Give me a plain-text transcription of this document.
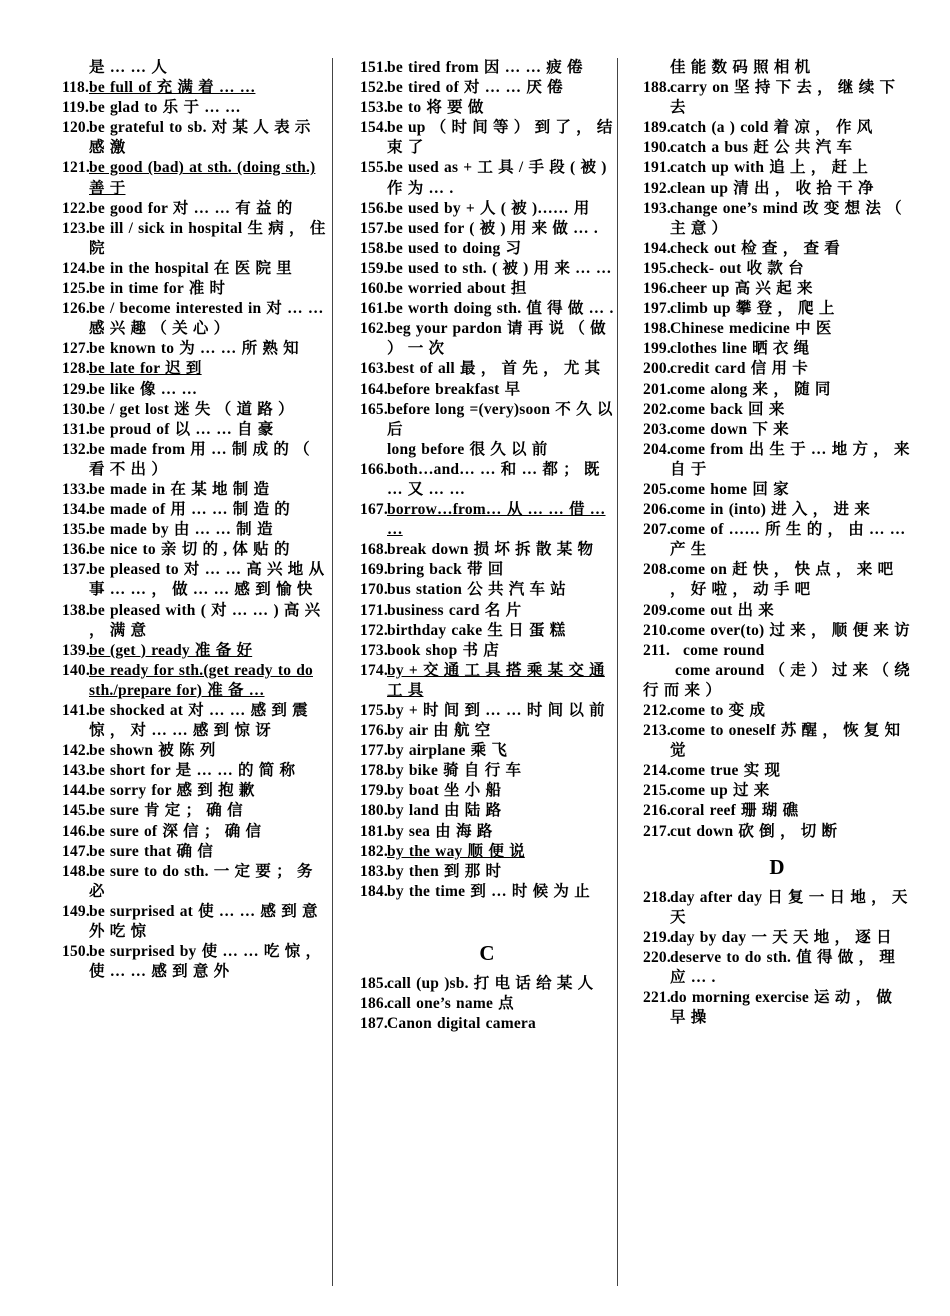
是 … … 人

118.be full of 充 满 着 … …

119.be glad to 乐 于 … …

120.be grateful to sb. 对 某 人 表 示 感 激

121.be good (bad) at sth. (doing sth.) 善 于

122.be good for 对 … … 有 益 的

123.be ill / sick in hospital 生 病 ， 住 院

124.be in the hospital 在 医 院 里

125.be in time for 准 时

126.be / become interested in 对 … … 感 兴 趣 （ 关 心 ）

127.be known to 为 … … 所 熟 知

128.be late for 迟 到

129.be like 像 … …

130.be / get lost 迷 失 （ 道 路 ）

131.be proud of 以 … … 自 豪

132.be made from 用 … 制 成 的 （ 看 不 出 ）

133.be made in 在 某 地 制 造

134.be made of 用 … … 制 造 的

135.be made by 由 … … 制 造

136.be nice to 亲 切 的 , 体 贴 的

137.be pleased to 对 … … 高 兴 地 从 事 … … ， 做 … … 感 到 愉 快

138.be pleased with ( 对 … … ) 高 兴 ， 满 意

139.be (get ) ready 准 备 好

140.be ready for sth.(get ready to do sth./prepare for) 准 备 …

141.be shocked at 对 … … 感 到 震 惊 ， 对 … … 感 到 惊 讶

142.be shown 被 陈 列

143.be short for 是 … … 的 简 称

144.be sorry for 感 到 抱 歉

145.be sure 肯 定 ； 确 信

146.be sure of 深 信 ； 确 信

147.be sure that 确 信

148.be sure to do sth. 一 定 要 ； 务 必

149.be surprised at 使 … … 感 到 意 外 吃 惊

150.be surprised by 使 … … 吃 惊 ， 使 … … 感 到 意 外

151.be tired from 因 … … 疲 倦

152.be tired of 对 … … 厌 倦

153.be to 将 要 做

154.be up （ 时 间 等 ） 到 了 ， 结 束 了

155.be used as + 工 具 / 手 段 ( 被 ) 作 为 … .

156.be used by + 人 ( 被 )…… 用

157.be used for ( 被 ) 用 来 做 … .

158.be used to doing 习

159.be used to sth. ( 被 ) 用 来 … …

160.be worried about 担

161.be worth doing sth. 值 得 做 … .

162.beg your pardon 请 再 说 （ 做 ） 一 次

163.best of all 最 ， 首 先 ， 尤 其

164.before breakfast 早

165.before long =(very)soon 不 久 以 后

long before 很 久 以 前

166.both…and… … 和 … 都 ； 既 … 又 … …

167.borrow…from… 从 … … 借 … …

168.break down 损 坏 拆 散 某 物

169.bring back 带 回

170.bus station 公 共 汽 车 站

171.business card 名 片

172.birthday cake 生 日 蛋 糕

173.book shop 书 店

174.by + 交 通 工 具 搭 乘 某 交 通 工 具

175.by + 时 间 到 … … 时 间 以 前

176.by air 由 航 空

177.by airplane 乘 飞

178.by bike 骑 自 行 车

179.by boat 坐 小 船

180.by land 由 陆 路

181.by sea 由 海 路

182.by the way 顺 便 说

183.by then 到 那 时

184.by the time 到 … 时 候 为 止

C

185.call (up )sb. 打 电 话 给 某 人

186.call one’s name 点

187.Canon digital camera

佳 能 数 码 照 相 机

188.carry on 坚 持 下 去 ， 继 续 下 去

189.catch (a ) cold 着 凉 ， 作 风

190.catch a bus 赶 公 共 汽 车

191.catch up with 追 上 ， 赶 上

192.clean up 清 出 ， 收 拾 干 净

193.change one’s mind 改 变 想 法 （ 主 意 ）

194.check out 检 查 ， 查 看

195.check- out 收 款 台

196.cheer up 高 兴 起 来

197.climb up 攀 登 ， 爬 上

198.Chinese medicine 中 医

199.clothes line 晒 衣 绳

200.credit card 信 用 卡

201.come along 来 ， 随 同

202.come back 回 来

203.come down 下 来

204.come from 出 生 于 … 地 方 ， 来 自 于

205.come home 回 家

206.come in (into) 进 入 ， 进 来

207.come of …… 所 生 的 ， 由 … … 产 生

208.come on 赶 快 ， 快 点 ， 来 吧 ， 好 啦 ， 动 手 吧

209.come out 出 来

210.come over(to) 过 来 ， 顺 便 来 访

211. come round

come around （ 走 ） 过 来 （ 绕 行 而 来 ）

212.come to 变 成

213.come to oneself 苏 醒 ， 恢 复 知 觉

214.come true 实 现

215.come up 过 来

216.coral reef 珊 瑚 礁

217.cut down 砍 倒 ， 切 断

D

218.day after day 日 复 一 日 地 ， 天 天

219.day by day 一 天 天 地 ， 逐 日

220.deserve to do sth. 值 得 做 ， 理 应 … .

221.do morning exercise 运 动 ， 做 早 操
